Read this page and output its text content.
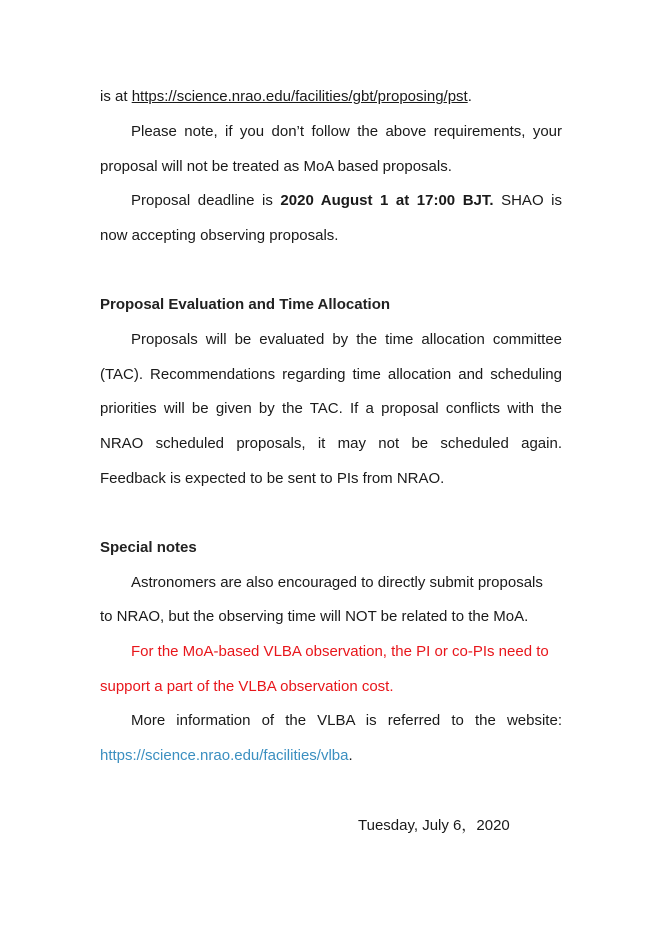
is at https://science.nrao.edu/facilities/gbt/proposing/pst.
Please note, if you don’t follow the above requirements, your
proposal will not be treated as MoA based proposals.
Proposal deadline is 2020 August 1 at 17:00 BJT. SHAO is
now accepting observing proposals.
Proposal Evaluation and Time Allocation
Proposals will be evaluated by the time allocation committee
(TAC). Recommendations regarding time allocation and scheduling
priorities will be given by the TAC. If a proposal conflicts with the
NRAO scheduled proposals, it may not be scheduled again.
Feedback is expected to be sent to PIs from NRAO.
Special notes
Astronomers are also encouraged to directly submit proposals
to NRAO, but the observing time will NOT be related to the MoA.
For the MoA-based VLBA observation, the PI or co-PIs need to
support a part of the VLBA observation cost.
More information of the VLBA is referred to the website:
https://science.nrao.edu/facilities/vlba.
Tuesday, July 6，2020
